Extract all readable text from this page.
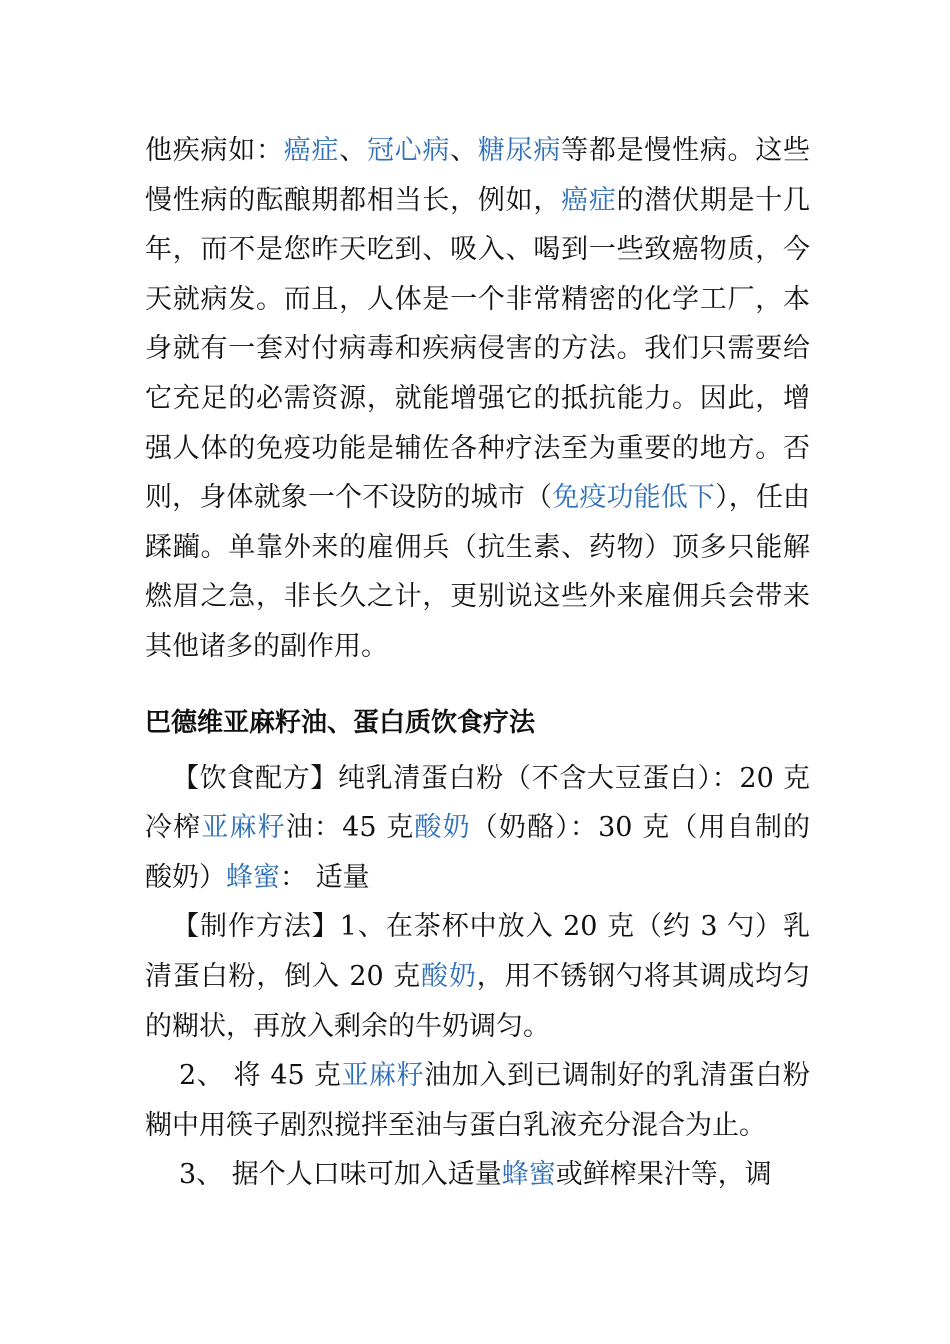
他疾病如：癌症、冠心病、糖尿病等都是慢性病。这些慢性病的酝酿期都相当长，例如，癌症的潜伏期是十几年，而不是您昨天吃到、吸入、喝到一些致癌物质，今天就病发。而且，人体是一个非常精密的化学工厂，本身就有一套对付病毒和疾病侵害的方法。我们只需要给它充足的必需资源，就能增强它的抵抗能力。因此，增强人体的免疫功能是辅佐各种疗法至为重要的地方。否则，身体就象一个不设防的城市（免疫功能低下），任由蹂躏。单靠外来的雇佣兵（抗生素、药物）顶多只能解燃眉之急，非长久之计，更别说这些外来雇佣兵会带来其他诸多的副作用。

巴德维亚麻籽油、蛋白质饮食疗法

【饮食配方】纯乳清蛋白粉（不含大豆蛋白）：20 克冷榨亚麻籽油：45 克酸奶（奶酪）：30 克（用自制的酸奶）蜂蜜： 适量

【制作方法】1、在茶杯中放入 20 克（约 3 勺）乳清蛋白粉，倒入 20 克酸奶，用不锈钢勺将其调成均匀的糊状，再放入剩余的牛奶调匀。

2、 将 45 克亚麻籽油加入到已调制好的乳清蛋白粉糊中用筷子剧烈搅拌至油与蛋白乳液充分混合为止。

3、 据个人口味可加入适量蜂蜜或鲜榨果汁等，调
